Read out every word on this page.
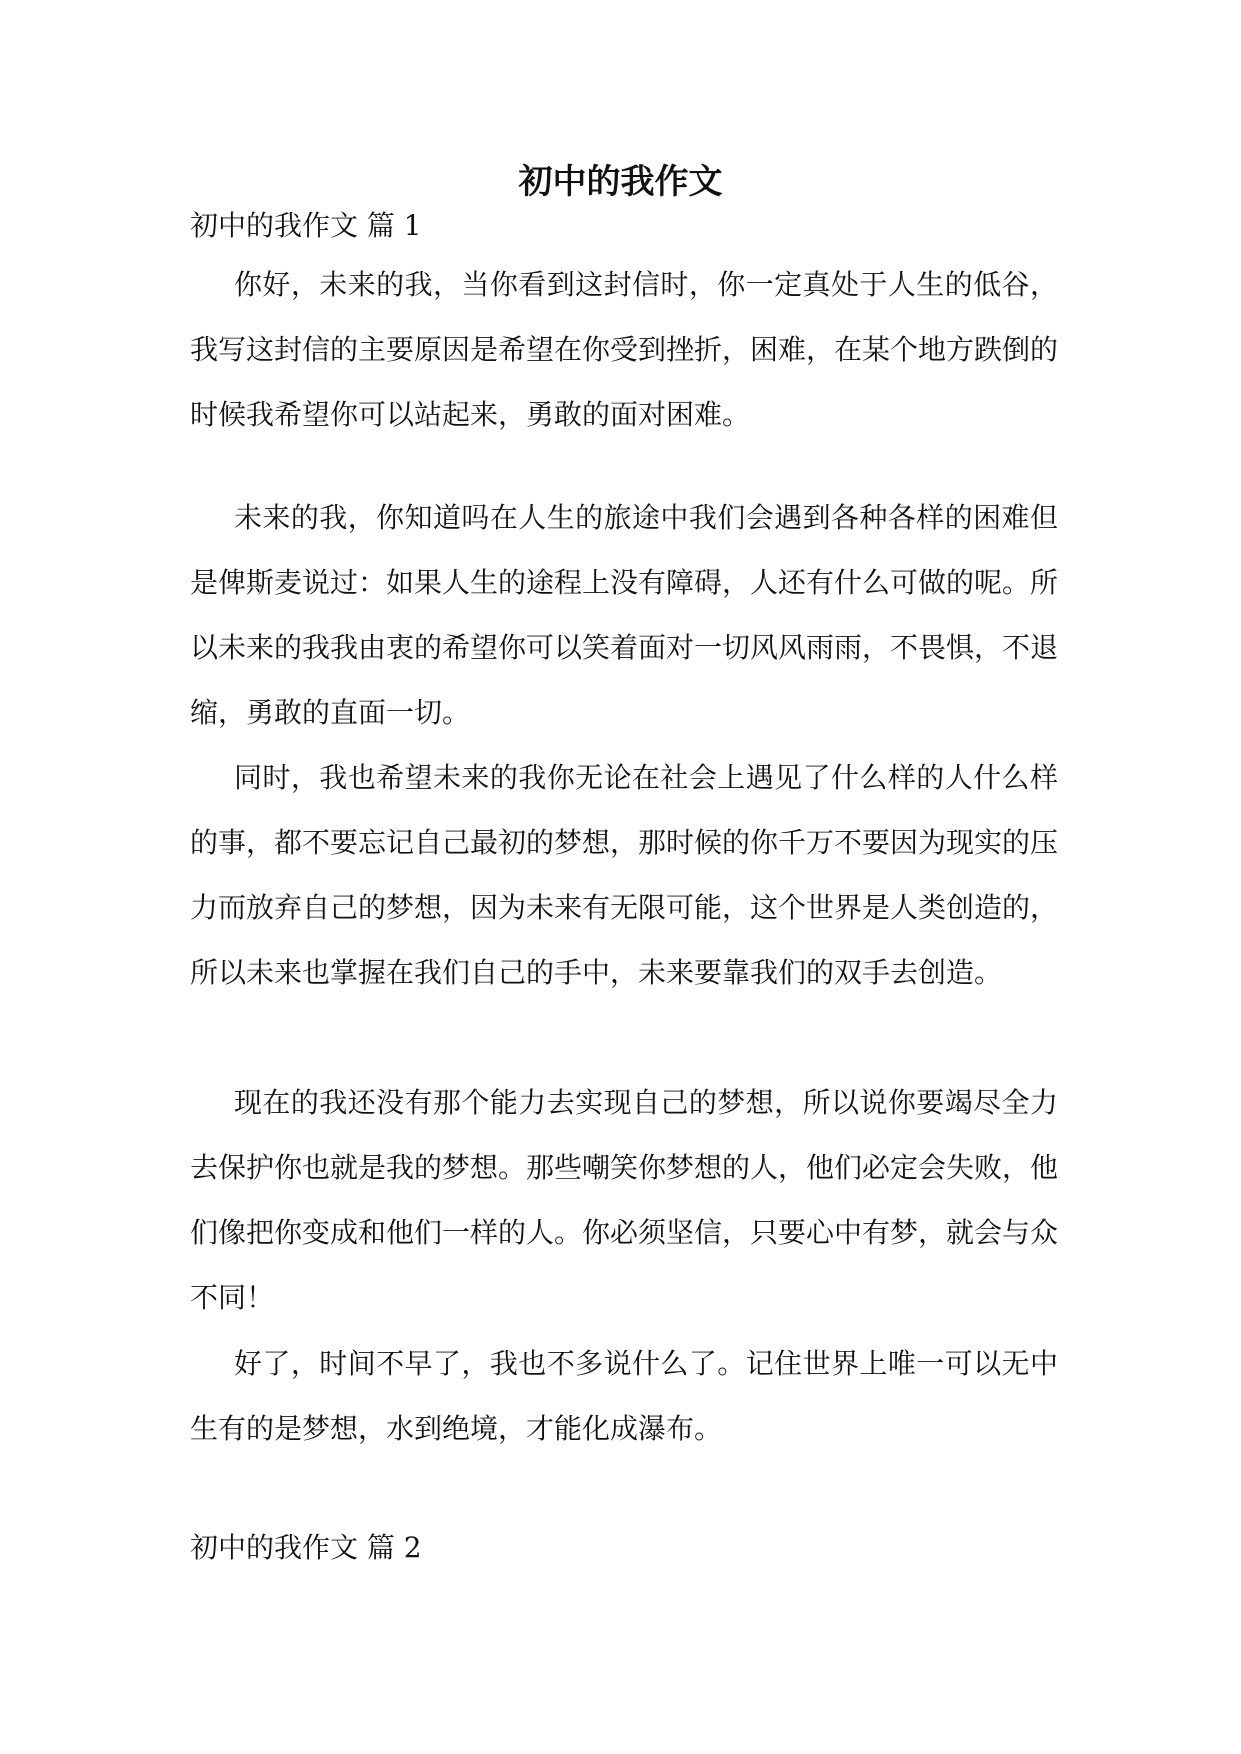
初中的我作文
初中的我作文 篇 1

你好，未来的我，当你看到这封信时，你一定真处于人生的低谷，我写这封信的主要原因是希望在你受到挫折，困难，在某个地方跌倒的时候我希望你可以站起来，勇敢的面对困难。

未来的我，你知道吗在人生的旅途中我们会遇到各种各样的困难但是俾斯麦说过：如果人生的途程上没有障碍，人还有什么可做的呢。所以未来的我我由衷的希望你可以笑着面对一切风风雨雨，不畏惧，不退缩，勇敢的直面一切。

同时，我也希望未来的我你无论在社会上遇见了什么样的人什么样的事，都不要忘记自己最初的梦想，那时候的你千万不要因为现实的压力而放弃自己的梦想，因为未来有无限可能，这个世界是人类创造的，所以未来也掌握在我们自己的手中，未来要靠我们的双手去创造。

现在的我还没有那个能力去实现自己的梦想，所以说你要竭尽全力去保护你也就是我的梦想。那些嘲笑你梦想的人，他们必定会失败，他们像把你变成和他们一样的人。你必须坚信，只要心中有梦，就会与众不同！

好了，时间不早了，我也不多说什么了。记住世界上唯一可以无中生有的是梦想，水到绝境，才能化成瀑布。

初中的我作文 篇 2
